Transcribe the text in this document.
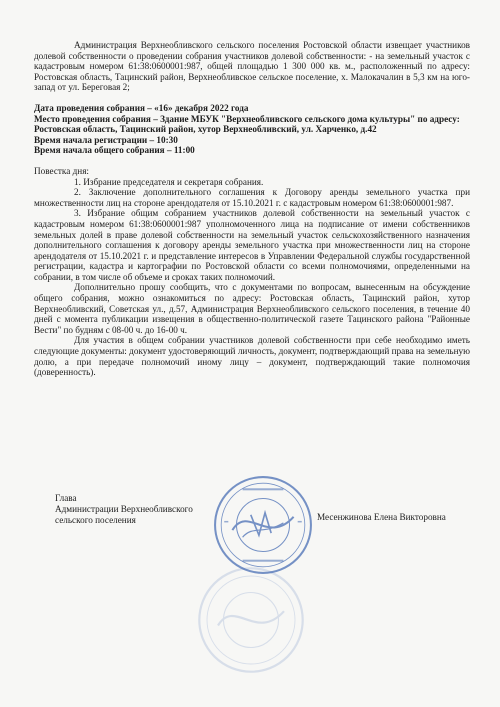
Администрация Верхнеобливского сельского поселения Ростовской области извещает участников долевой собственности о проведении собрания участников долевой собственности: - на земельный участок с кадастровым номером 61:38:0600001:987, общей площадью 1 300 000 кв. м., расположенный по адресу: Ростовская область, Тацинский район, Верхнеобливское сельское поселение, х. Малокачалин в 5,3 км на юго- запад от ул. Береговая 2;

Дата проведения собрания – «16» декабря 2022 года

Место проведения собрания – Здание МБУК "Верхнеобливского сельского дома культуры" по адресу: Ростовская область, Тацинский район, хутор Верхнеобливский, ул. Харченко, д.42

Время начала регистрации – 10:30

Время начала общего собрания – 11:00

Повестка дня:

1. Избрание председателя и секретаря собрания.

2. Заключение дополнительного соглашения к Договору аренды земельного участка при множественности лиц на стороне арендодателя от 15.10.2021 г. с кадастровым номером 61:38:0600001:987.

3. Избрание общим собранием участников долевой собственности на земельный участок с кадастровым номером 61:38:0600001:987 уполномоченного лица на подписание от имени собственников земельных долей в праве долевой собственности на земельный участок сельскохозяйственного назначения дополнительного соглашения к договору аренды земельного участка при множественности лиц на стороне арендодателя от 15.10.2021 г. и представление интересов в Управлении Федеральной службы государственной регистрации, кадастра и картографии по Ростовской области со всеми полномочиями, определенными на собрании, в том числе об объеме и сроках таких полномочий.

Дополнительно прошу сообщить, что с документами по вопросам, вынесенным на обсуждение общего собрания, можно ознакомиться по адресу: Ростовская область, Тацинский район, хутор Верхнеобливский, Советская ул., д.57, Администрация Верхнеобливского сельского поселения, в течение 40 дней с момента публикации извещения в общественно-политической газете Тацинского района "Районные Вести" по будням с 08-00 ч. до 16-00 ч.

Для участия в общем собрании участников долевой собственности при себе необходимо иметь следующие документы: документ удостоверяющий личность, документ, подтверждающий права на земельную долю, а при передаче полномочий иному лицу – документ, подтверждающий такие полномочия (доверенность).

Глава

Администрации Верхнеобливского

сельского поселения	Месенжинова Елена Викторовна
